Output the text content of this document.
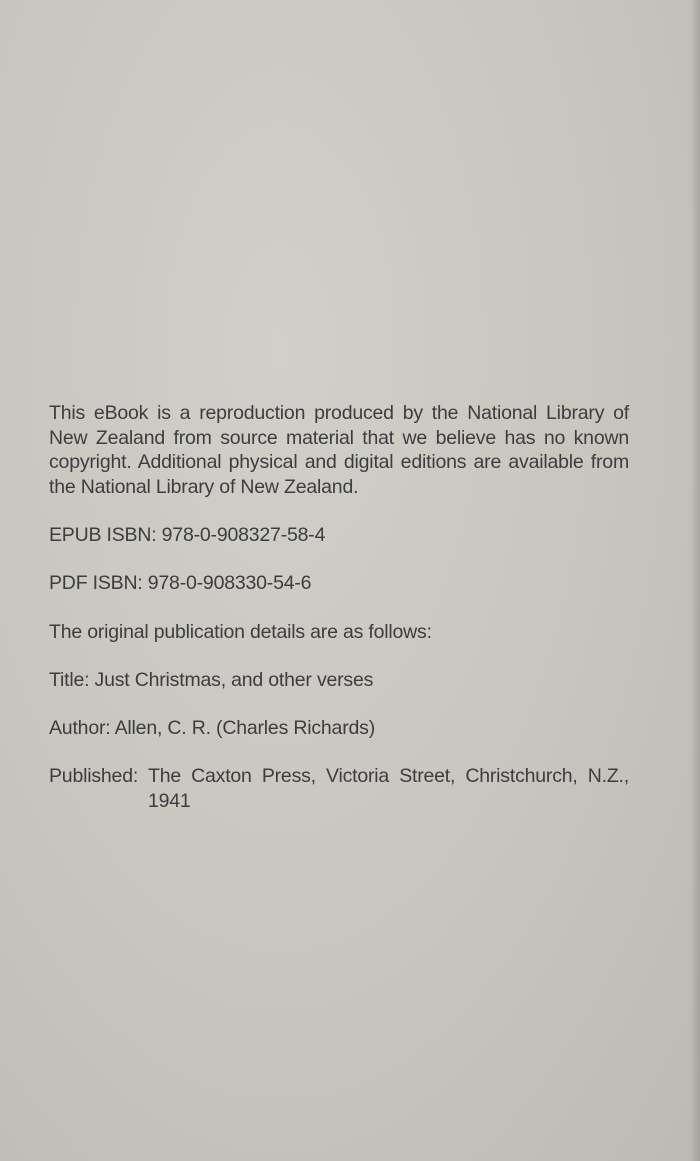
This eBook is a reproduction produced by the National Library of New Zealand from source material that we believe has no known copyright. Additional physical and digital editions are available from the National Library of New Zealand.

EPUB ISBN: 978-0-908327-58-4

PDF ISBN: 978-0-908330-54-6

The original publication details are as follows:

Title: Just Christmas, and other verses

Author: Allen, C. R. (Charles Richards)

Published: The Caxton Press, Victoria Street, Christchurch, N.Z., 1941
